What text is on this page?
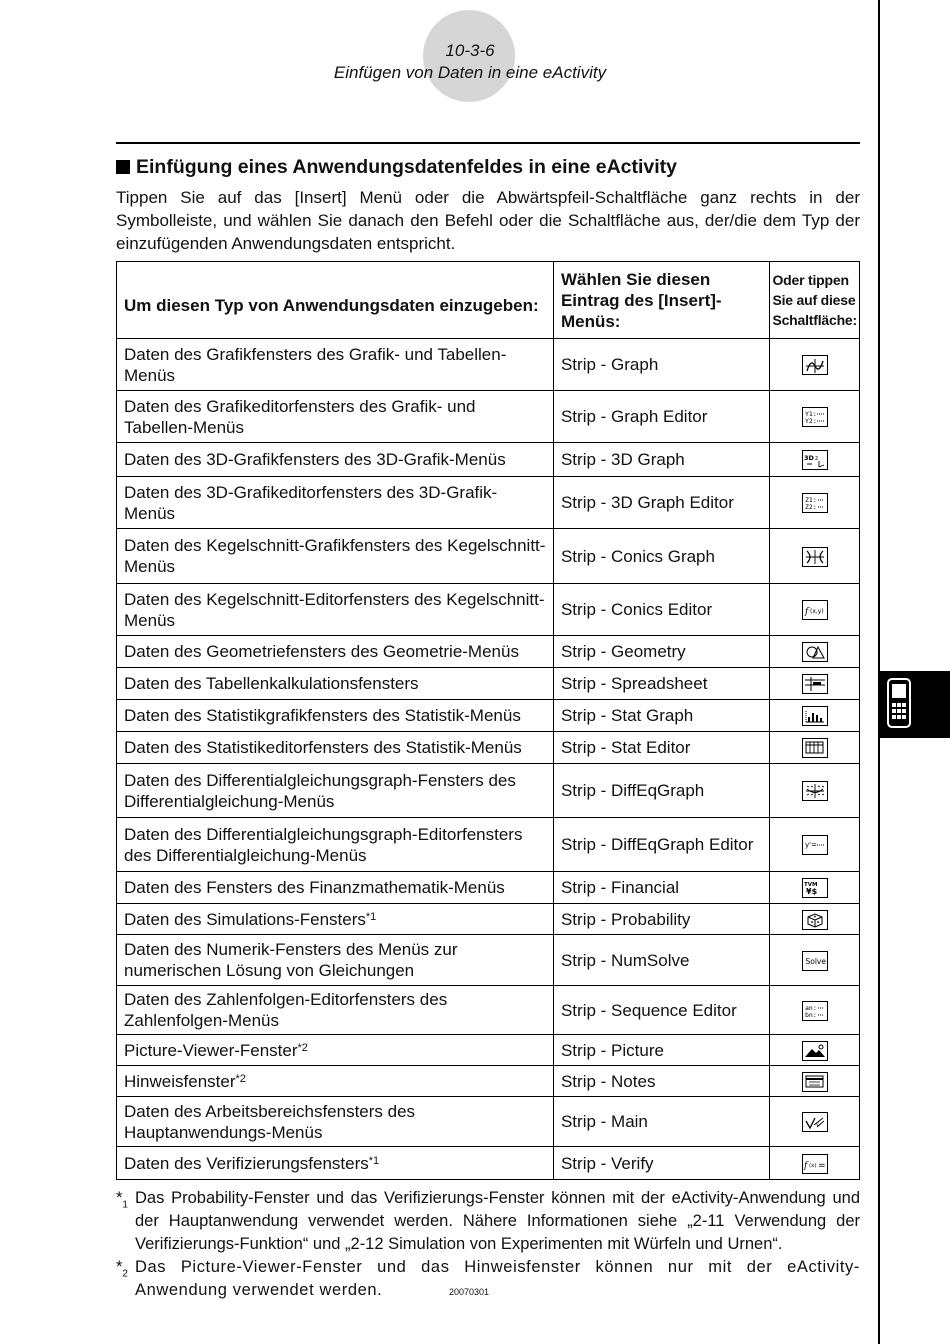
10-3-6
Einfügen von Daten in eine eActivity
Einfügung eines Anwendungsdatenfeldes in eine eActivity
Tippen Sie auf das [Insert] Menü oder die Abwärtspfeil-Schaltfläche ganz rechts in der Symbolleiste, und wählen Sie danach den Befehl oder die Schaltfläche aus, der/die dem Typ der einzufügenden Anwendungsdaten entspricht.
Um diesen Typ von Anwendungsdaten einzugeben:	Wählen Sie diesen Eintrag des [Insert]-Menüs:	Oder tippen Sie auf diese Schaltfläche:
Daten des Grafikfensters des Grafik- und Tabellen-Menüs	Strip - Graph	

Daten des Grafikeditorfensters des Grafik- und Tabellen-Menüs	Strip - Graph Editor	Y1:
Y2:

Daten des 3D-Grafikfensters des 3D-Grafik-Menüs	Strip - 3D Graph	3D z

Daten des 3D-Grafikeditorfensters des 3D-Grafik-Menüs	Strip - 3D Graph Editor	Z1:
Z2:

Daten des Kegelschnitt-Grafikfensters des Kegelschnitt-Menüs	Strip - Conics Graph	

Daten des Kegelschnitt-Editorfensters des Kegelschnitt-Menüs	Strip - Conics Editor	f (x,y)

Daten des Geometriefensters des Geometrie-Menüs	Strip - Geometry	

Daten des Tabellenkalkulationsfensters	Strip - Spreadsheet	

Daten des Statistikgrafikfensters des Statistik-Menüs	Strip - Stat Graph	

Daten des Statistikeditorfensters des Statistik-Menüs	Strip - Stat Editor	

Daten des Differentialgleichungsgraph-Fensters des Differentialgleichung-Menüs	Strip - DiffEqGraph	

Daten des Differentialgleichungsgraph-Editorfensters des Differentialgleichung-Menüs	Strip - DiffEqGraph Editor	y'=

Daten des Fensters des Finanzmathematik-Menüs	Strip - Financial	TVM
¥$

Daten des Simulations-Fensters$^{*1}$	Strip - Probability	

Daten des Numerik-Fensters des Menüs zur numerischen Lösung von Gleichungen	Strip - NumSolve	Solve

Daten des Zahlenfolgen-Editorfensters des Zahlenfolgen-Menüs	Strip - Sequence Editor	an:
bn:

Picture-Viewer-Fenster$^{*2}$	Strip - Picture	

Hinweisfenster$^{*2}$	Strip - Notes	

Daten des Arbeitsbereichsfensters des Hauptanwendungs-Menüs	Strip - Main	√

Daten des Verifizierungsfensters$^{*1}$	Strip - Verify	f (x) =
$*_1$ Das Probability-Fenster und das Verifizierungs-Fenster können mit der eActivity-Anwendung und der Hauptanwendung verwendet werden. Nähere Informationen siehe „2-11 Verwendung der Verifizierungs-Funktion“ und „2-12 Simulation von Experimenten mit Würfeln und Urnen“.
$*_2$ Das Picture-Viewer-Fenster und das Hinweisfenster können nur mit der eActivity-Anwendung verwendet werden.	20070301
